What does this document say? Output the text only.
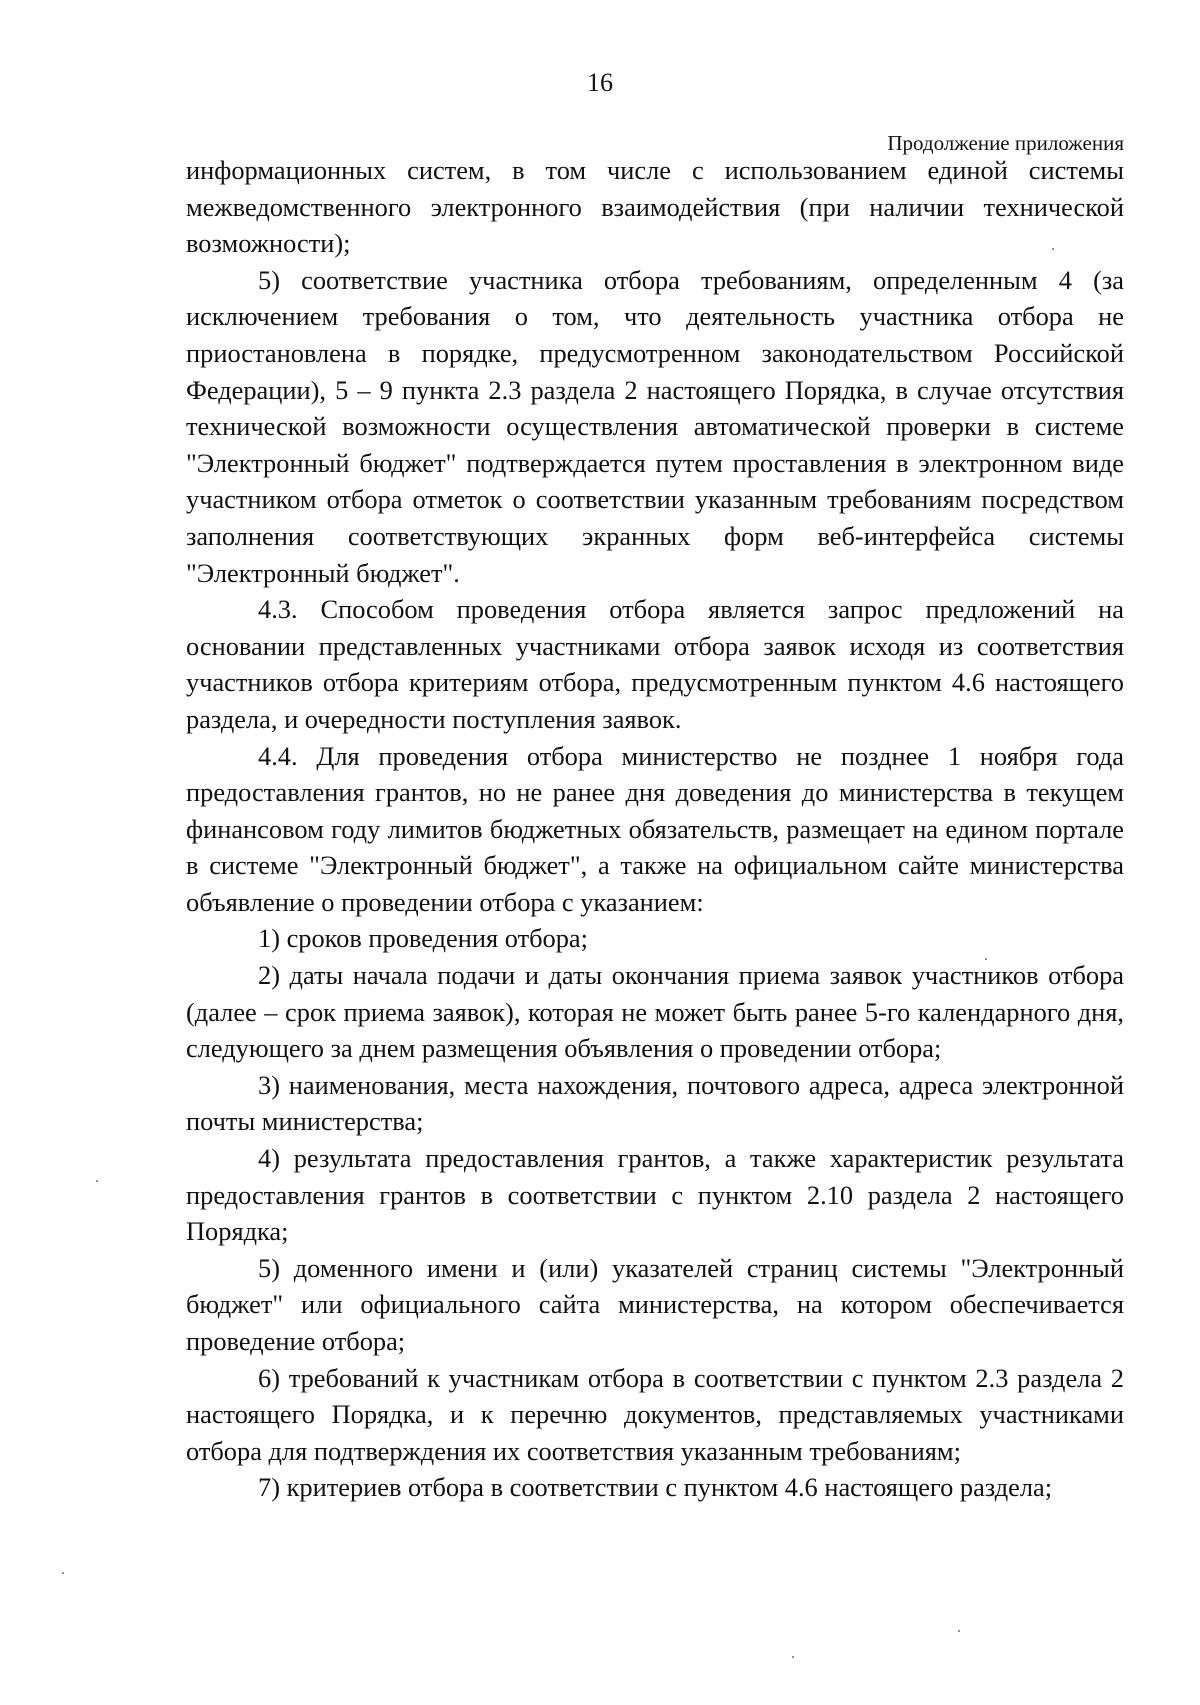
16
Продолжение приложения

информационных систем, в том числе с использованием единой системы межведомственного электронного взаимодействия (при наличии технической возможности);

5) соответствие участника отбора требованиям, определенным 4 (за исключением требования о том, что деятельность участника отбора не приостановлена в порядке, предусмотренном законодательством Российской Федерации), 5 – 9 пункта 2.3 раздела 2 настоящего Порядка, в случае отсутствия технической возможности осуществления автоматической проверки в системе "Электронный бюджет" подтверждается путем проставления в электронном виде участником отбора отметок о соответствии указанным требованиям посредством заполнения соответствующих экранных форм веб-интерфейса системы "Электронный бюджет".

4.3. Способом проведения отбора является запрос предложений на основании представленных участниками отбора заявок исходя из соответствия участников отбора критериям отбора, предусмотренным пунктом 4.6 настоящего раздела, и очередности поступления заявок.

4.4. Для проведения отбора министерство не позднее 1 ноября года предоставления грантов, но не ранее дня доведения до министерства в текущем финансовом году лимитов бюджетных обязательств, размещает на едином портале в системе "Электронный бюджет", а также на официальном сайте министерства объявление о проведении отбора с указанием:

1) сроков проведения отбора;

2) даты начала подачи и даты окончания приема заявок участников отбора (далее – срок приема заявок), которая не может быть ранее 5-го календарного дня, следующего за днем размещения объявления о проведении отбора;

3) наименования, места нахождения, почтового адреса, адреса электронной почты министерства;

4) результата предоставления грантов, а также характеристик результата предоставления грантов в соответствии с пунктом 2.10 раздела 2 настоящего Порядка;

5) доменного имени и (или) указателей страниц системы "Электронный бюджет" или официального сайта министерства, на котором обеспечивается проведение отбора;

6) требований к участникам отбора в соответствии с пунктом 2.3 раздела 2 настоящего Порядка, и к перечню документов, представляемых участниками отбора для подтверждения их соответствия указанным требованиям;

7) критериев отбора в соответствии с пунктом 4.6 настоящего раздела;
